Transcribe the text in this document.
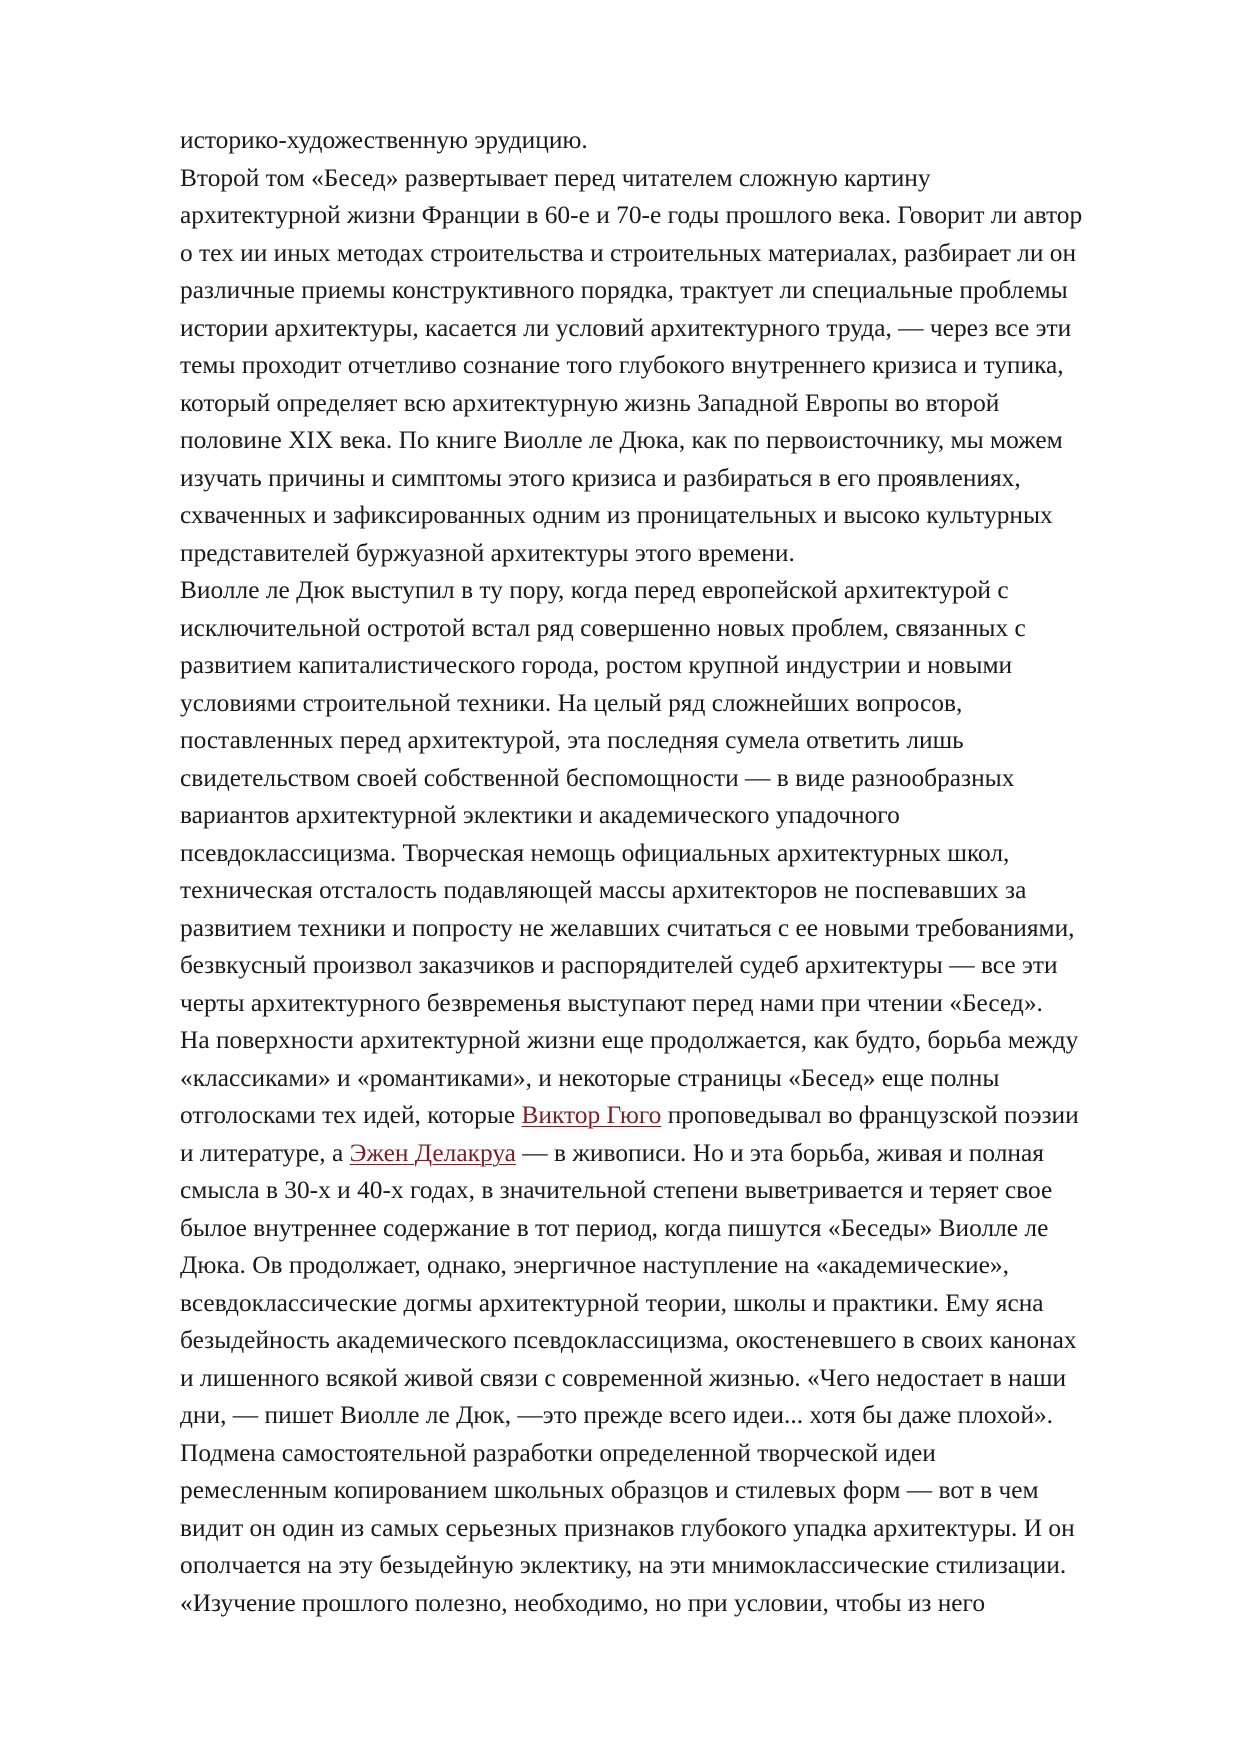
историко-художественную эрудицию.
Второй том «Бесед» развертывает перед читателем сложную картину
архитектурной жизни Франции в 60-е и 70-е годы прошлого века. Говорит ли автор
о тех ии иных методах строительства и строительных материалах, разбирает ли он
различные приемы конструктивного порядка, трактует ли специальные проблемы
истории архитектуры, касается ли условий архитектурного труда, — через все эти
темы проходит отчетливо сознание того глубокого внутреннего кризиса и тупика,
который определяет всю архитектурную жизнь Западной Европы во второй
половине XIX века. По книге Виолле ле Дюка, как по первоисточнику, мы можем
изучать причины и симптомы этого кризиса и разбираться в его проявлениях,
схваченных и зафиксированных одним из проницательных и высоко культурных
представителей буржуазной архитектуры этого времени.
Виолле ле Дюк выступил в ту пору, когда перед европейской архитектурой с
исключительной остротой встал ряд совершенно новых проблем, связанных с
развитием капиталистического города, ростом крупной индустрии и новыми
условиями строительной техники. На целый ряд сложнейших вопросов,
поставленных перед архитектурой, эта последняя сумела ответить лишь
свидетельством своей собственной беспомощности — в виде разнообразных
вариантов архитектурной эклектики и академического упадочного
псевдоклассицизма. Творческая немощь официальных архитектурных школ,
техническая отсталость подавляющей массы архитекторов не поспевавших за
развитием техники и попросту не желавших считаться с ее новыми требованиями,
безвкусный произвол заказчиков и распорядителей судеб архитектуры — все эти
черты архитектурного безвременья выступают перед нами при чтении «Бесед».
На поверхности архитектурной жизни еще продолжается, как будто, борьба между
«классиками» и «романтиками», и некоторые страницы «Бесед» еще полны
отголосками тех идей, которые Виктор Гюго проповедывал во французской поэзии
и литературе, а Эжен Делакруа — в живописи. Но и эта борьба, живая и полная
смысла в 30-х и 40-х годах, в значительной степени выветривается и теряет свое
былое внутреннее содержание в тот период, когда пишутся «Беседы» Виолле ле
Дюка. Ов продолжает, однако, энергичное наступление на «академические»,
всевдоклассические догмы архитектурной теории, школы и практики. Ему ясна
безыдейность академического псевдоклассицизма, окостеневшего в своих канонах
и лишенного всякой живой связи с современной жизнью. «Чего недостает в наши
дни, — пишет Виолле ле Дюк, —это прежде всего идеи... хотя бы даже плохой».
Подмена самостоятельной разработки определенной творческой идеи
ремесленным копированием школьных образцов и стилевых форм — вот в чем
видит он один из самых серьезных признаков глубокого упадка архитектуры. И он
ополчается на эту безыдейную эклектику, на эти мнимоклассические стилизации.
«Изучение прошлого полезно, необходимо, но при условии, чтобы из него
